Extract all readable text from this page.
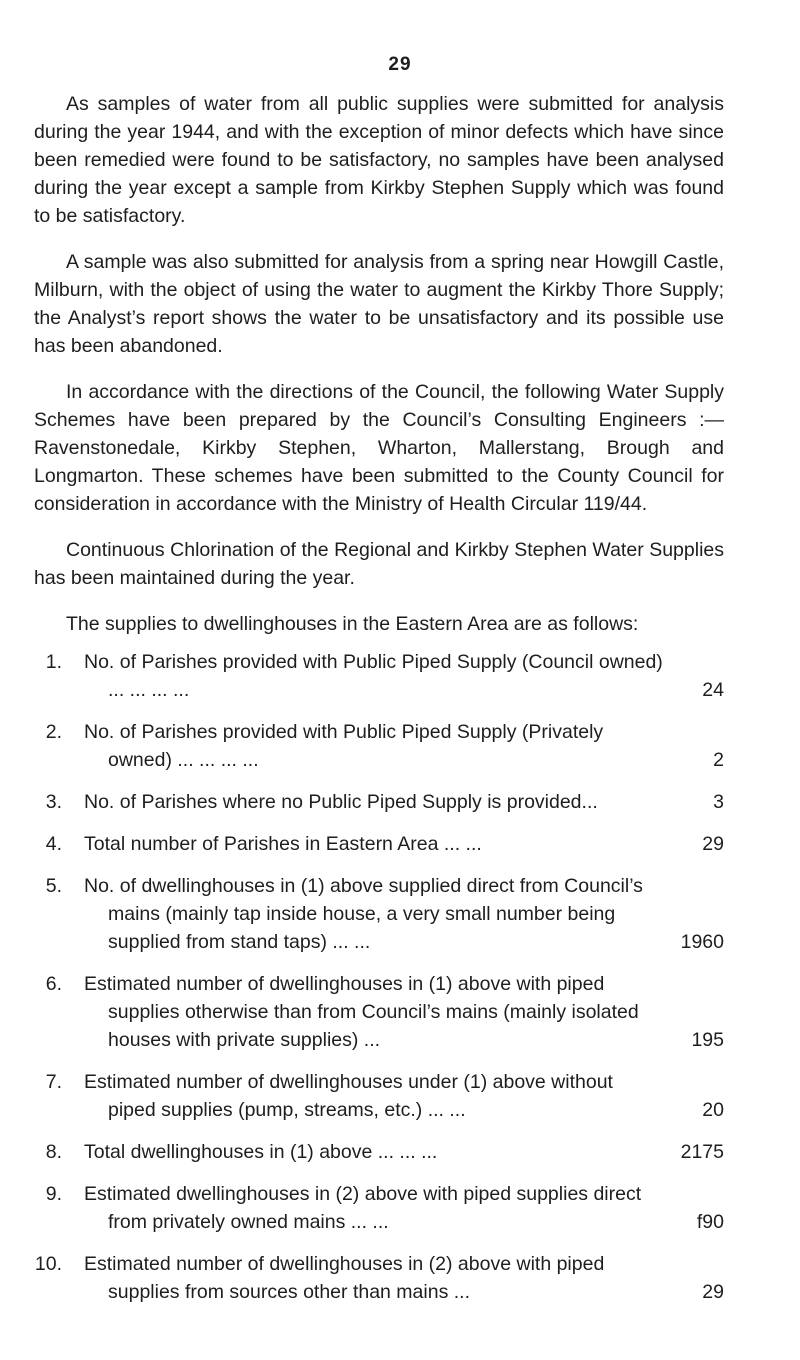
29

As samples of water from all public supplies were submitted for analysis during the year 1944, and with the exception of minor defects which have since been remedied were found to be satisfactory, no samples have been analysed during the year except a sample from Kirkby Stephen Supply which was found to be satisfactory.

A sample was also submitted for analysis from a spring near Howgill Castle, Milburn, with the object of using the water to augment the Kirkby Thore Supply; the Analyst’s report shows the water to be unsatisfactory and its possible use has been abandoned.

In accordance with the directions of the Council, the following Water Supply Schemes have been prepared by the Council’s Consulting Engineers :—Ravenstonedale, Kirkby Stephen, Wharton, Mallerstang, Brough and Longmarton. These schemes have been submitted to the County Council for consideration in accordance with the Ministry of Health Circular 119/44.

Continuous Chlorination of the Regional and Kirkby Stephen Water Supplies has been maintained during the year.

The supplies to dwellinghouses in the Eastern Area are as follows:
1. No. of Parishes provided with Public Piped Supply (Council owned) ... ... ... ...	24
2. No. of Parishes provided with Public Piped Supply (Privately owned) ... ... ... ...	2
3. No. of Parishes where no Public Piped Supply is provided...	3
4. Total number of Parishes in Eastern Area ... ...	29
5. No. of dwellinghouses in (1) above supplied direct from Council’s mains (mainly tap inside house, a very small number being supplied from stand taps) ... ...	1960
6. Estimated number of dwellinghouses in (1) above with piped supplies otherwise than from Council’s mains (mainly isolated houses with private supplies) ...	195
7. Estimated number of dwellinghouses under (1) above without piped supplies (pump, streams, etc.) ... ...	20
8. Total dwellinghouses in (1) above ... ... ...	2175
9. Estimated dwellinghouses in (2) above with piped supplies direct from privately owned mains ... ...	f90
10. Estimated number of dwellinghouses in (2) above with piped supplies from sources other than mains ...	29
